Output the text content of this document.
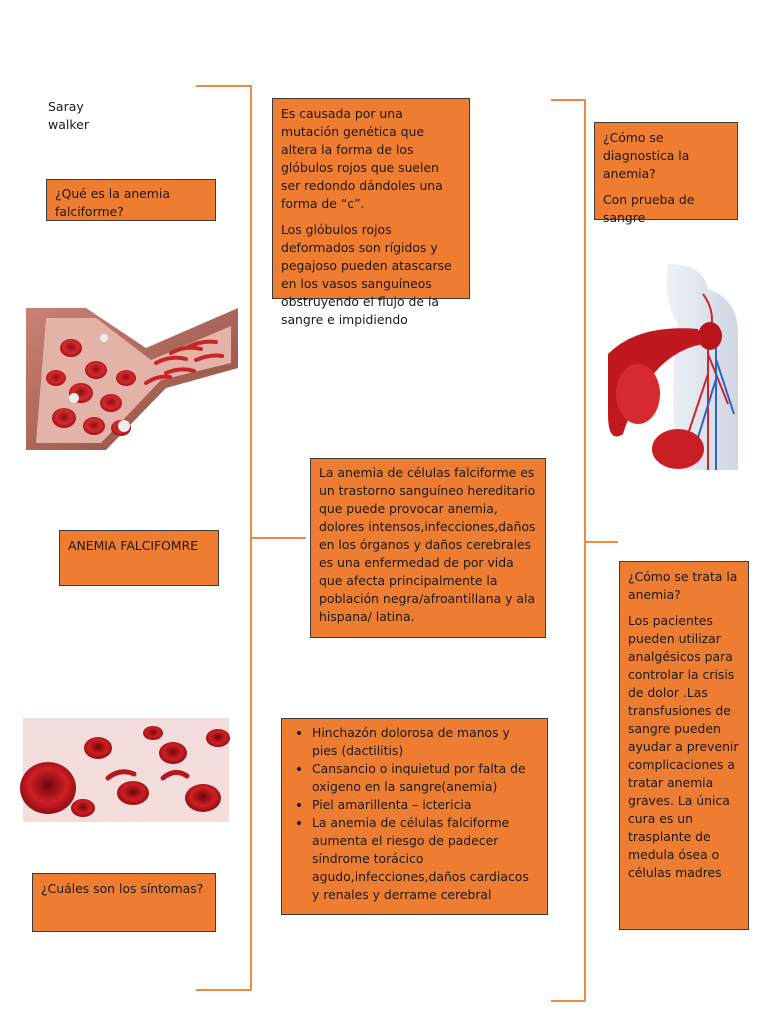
Saray
walker
¿Qué es la anemia falciforme?
ANEMIA FALCIFOMRE
¿Cuáles son los síntomas?

Es causada por una mutación genética que altera la forma de los glóbulos rojos que suelen ser redondo dándoles una forma de “c”.

Los glóbulos rojos deformados son rígidos y pegajoso pueden atascarse en los vasos sanguíneos obstruyendo el flujo de la sangre e impidiendo

La anemia de células falciforme es un trastorno sanguíneo hereditario que puede provocar anemia, dolores intensos,infecciones,daños en los órganos y daños cerebrales es una enfermedad de por vida que afecta principalmente la población negra/afroantillana y ala hispana/ latina.
• Hinchazón dolorosa de manos y pies (dactilitis)
• Cansancio o inquietud por falta de oxigeno en la sangre(anemia)
• Piel amarillenta – ictericia
• La anemia de células falciforme aumenta el riesgo de padecer síndrome torácico agudo,infecciones,daños cardiacos y renales y derrame cerebral

¿Cómo se diagnostica la anemia?

Con prueba de sangre

¿Cómo se trata la anemia?

Los pacientes pueden utilizar analgésicos para controlar la crisis de dolor .Las transfusiones de sangre pueden ayudar a prevenir complicaciones a tratar anemia graves. La única cura es un trasplante de medula ósea o células madres
